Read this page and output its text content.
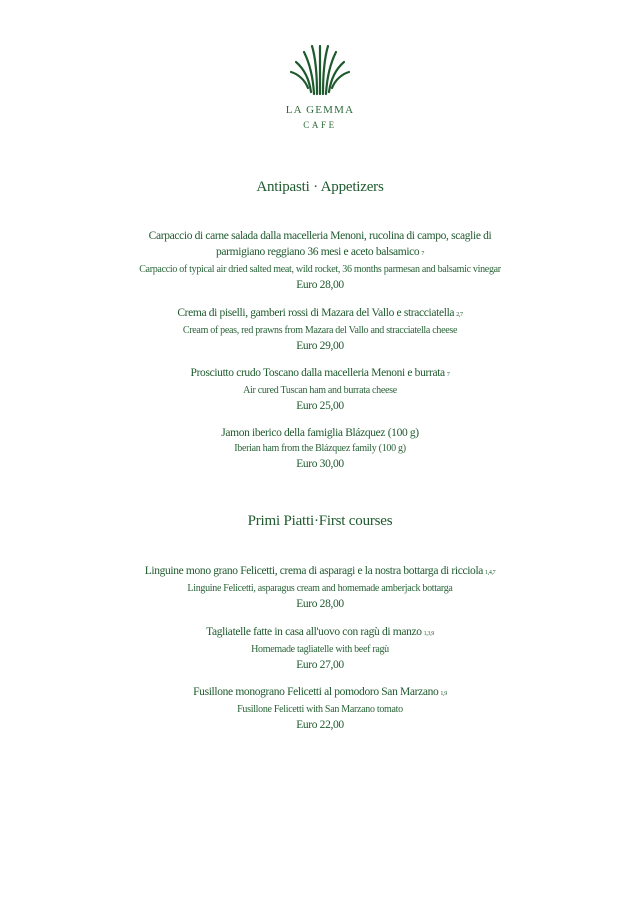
LA GEMMA
CAFE
Antipasti · Appetizers
Carpaccio di carne salada dalla macelleria Menoni, rucolina di campo, scaglie di
parmigiano reggiano 36 mesi e aceto balsamico 7
Carpaccio of typical air dried salted meat, wild rocket, 36 months parmesan and balsamic vinegar
Euro 28,00
Crema di piselli, gamberi rossi di Mazara del Vallo e stracciatella 2,7
Cream of peas, red prawns from Mazara del Vallo and stracciatella cheese
Euro 29,00
Prosciutto crudo Toscano dalla macelleria Menoni e burrata 7
Air cured Tuscan ham and burrata cheese
Euro 25,00
Jamon iberico della famiglia Blázquez (100 g)
Iberian ham from the Blázquez family (100 g)
Euro 30,00
Primi Piatti·First courses
Linguine mono grano Felicetti, crema di asparagi e la nostra bottarga di ricciola 1,4,7
Linguine Felicetti, asparagus cream and homemade amberjack bottarga
Euro 28,00
Tagliatelle fatte in casa all'uovo con ragù di manzo 1,3,9
Homemade tagliatelle with beef ragù
Euro 27,00
Fusillone monograno Felicetti al pomodoro San Marzano 1,9
Fusillone Felicetti with San Marzano tomato
Euro 22,00
